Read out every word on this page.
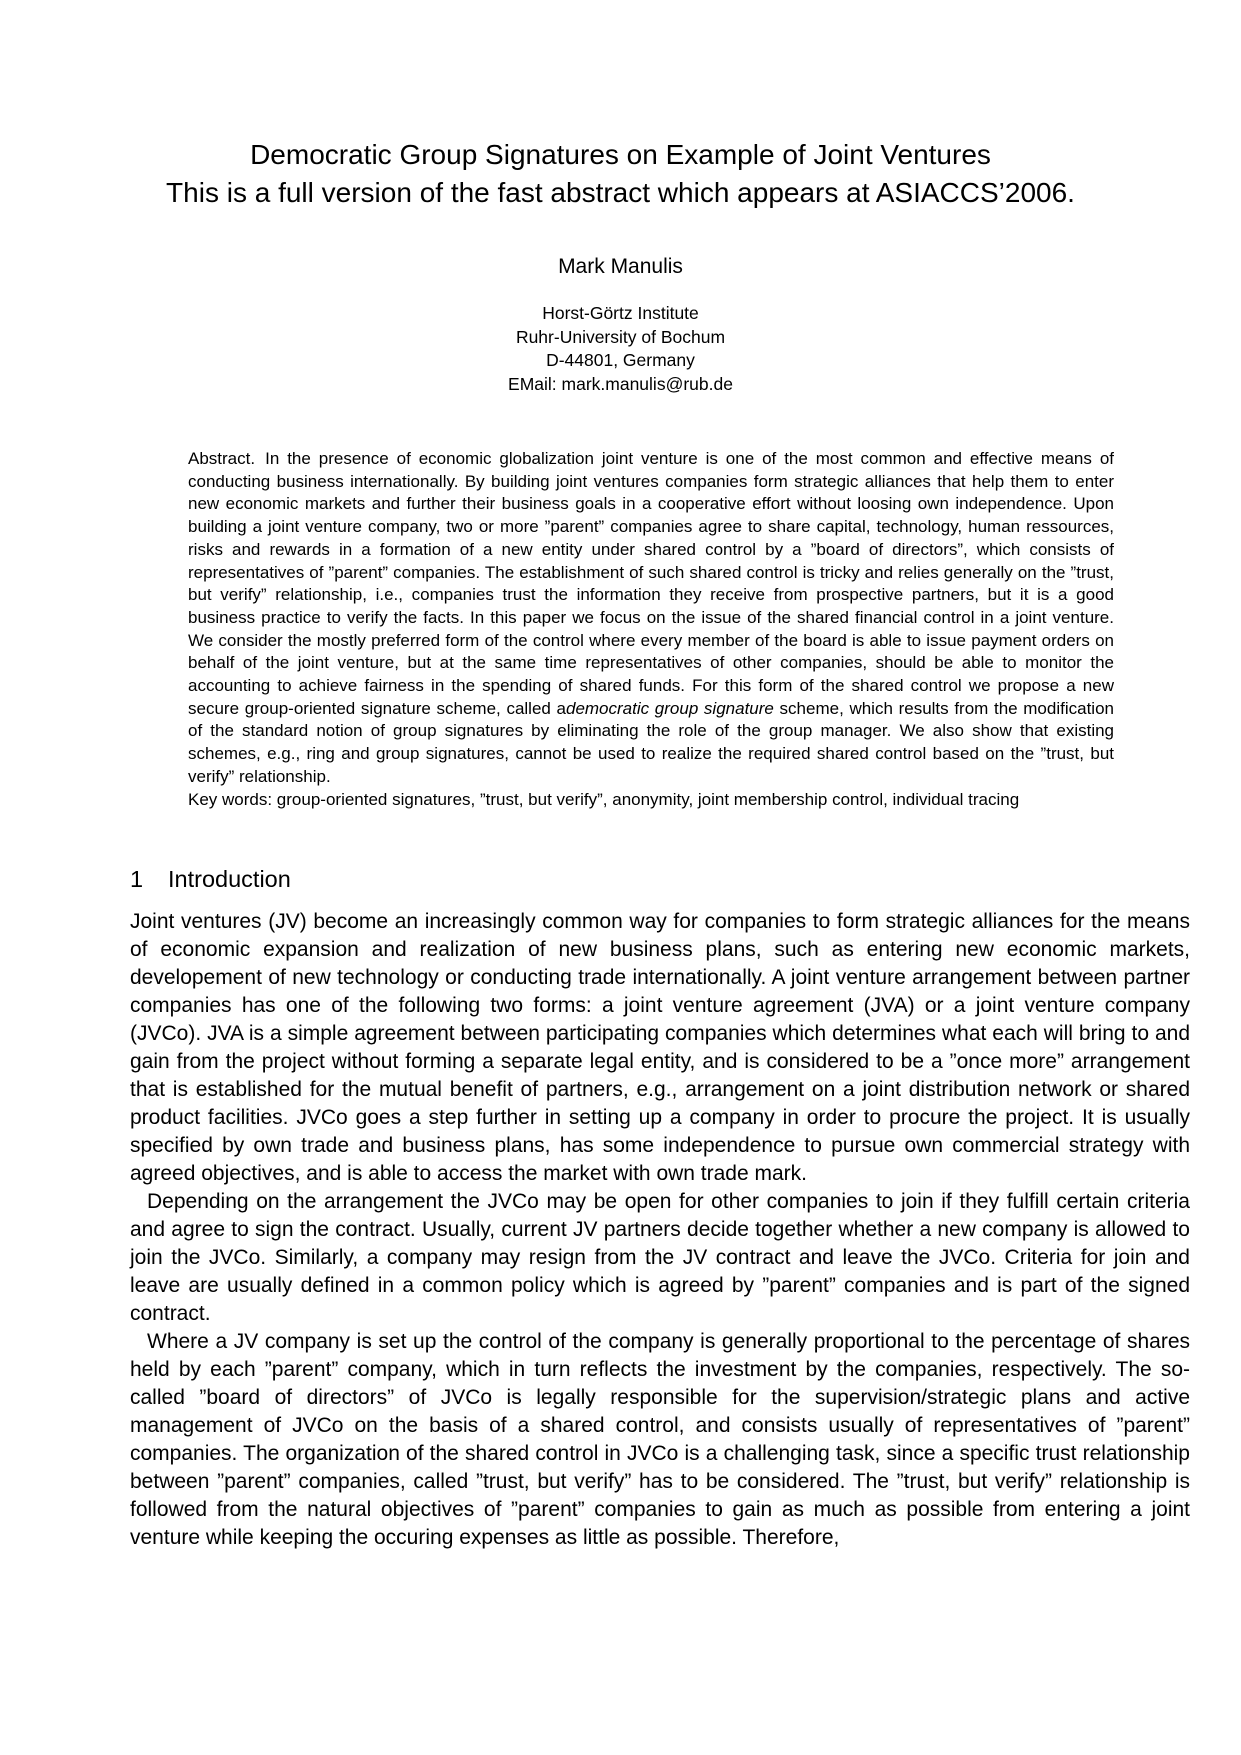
Democratic Group Signatures on Example of Joint Ventures
This is a full version of the fast abstract which appears at ASIACCS’2006.
Mark Manulis
Horst-Görtz Institute
Ruhr-University of Bochum
D-44801, Germany
EMail: mark.manulis@rub.de

Abstract. In the presence of economic globalization joint venture is one of the most common and effective means of conducting business internationally. By building joint ventures companies form strategic alliances that help them to enter new economic markets and further their business goals in a cooperative effort without loosing own independence. Upon building a joint venture company, two or more ”parent” companies agree to share capital, technology, human ressources, risks and rewards in a formation of a new entity under shared control by a ”board of directors”, which consists of representatives of ”parent” companies. The establishment of such shared control is tricky and relies generally on the ”trust, but verify” relationship, i.e., companies trust the information they receive from prospective partners, but it is a good business practice to verify the facts. In this paper we focus on the issue of the shared financial control in a joint venture. We consider the mostly preferred form of the control where every member of the board is able to issue payment orders on behalf of the joint venture, but at the same time representatives of other companies, should be able to monitor the accounting to achieve fairness in the spending of shared funds. For this form of the shared control we propose a new secure group-oriented signature scheme, called ademocratic group signature scheme, which results from the modification of the standard notion of group signatures by eliminating the role of the group manager. We also show that existing schemes, e.g., ring and group signatures, cannot be used to realize the required shared control based on the ”trust, but verify” relationship.

Key words: group-oriented signatures, ”trust, but verify”, anonymity, joint membership control, individual tracing

1 Introduction

Joint ventures (JV) become an increasingly common way for companies to form strategic alliances for the means of economic expansion and realization of new business plans, such as entering new economic markets, developement of new technology or conducting trade internationally. A joint venture arrangement between partner companies has one of the following two forms: a joint venture agreement (JVA) or a joint venture company (JVCo). JVA is a simple agreement between participating companies which determines what each will bring to and gain from the project without forming a separate legal entity, and is considered to be a ”once more” arrangement that is established for the mutual benefit of partners, e.g., arrangement on a joint distribution network or shared product facilities. JVCo goes a step further in setting up a company in order to procure the project. It is usually specified by own trade and business plans, has some independence to pursue own commercial strategy with agreed objectives, and is able to access the market with own trade mark.

Depending on the arrangement the JVCo may be open for other companies to join if they fulfill certain criteria and agree to sign the contract. Usually, current JV partners decide together whether a new company is allowed to join the JVCo. Similarly, a company may resign from the JV contract and leave the JVCo. Criteria for join and leave are usually defined in a common policy which is agreed by ”parent” companies and is part of the signed contract.

Where a JV company is set up the control of the company is generally proportional to the percentage of shares held by each ”parent” company, which in turn reflects the investment by the companies, respectively. The so-called ”board of directors” of JVCo is legally responsible for the supervision/strategic plans and active management of JVCo on the basis of a shared control, and consists usually of representatives of ”parent” companies. The organization of the shared control in JVCo is a challenging task, since a specific trust relationship between ”parent” companies, called ”trust, but verify” has to be considered. The ”trust, but verify” relationship is followed from the natural objectives of ”parent” companies to gain as much as possible from entering a joint venture while keeping the occuring expenses as little as possible. Therefore,
